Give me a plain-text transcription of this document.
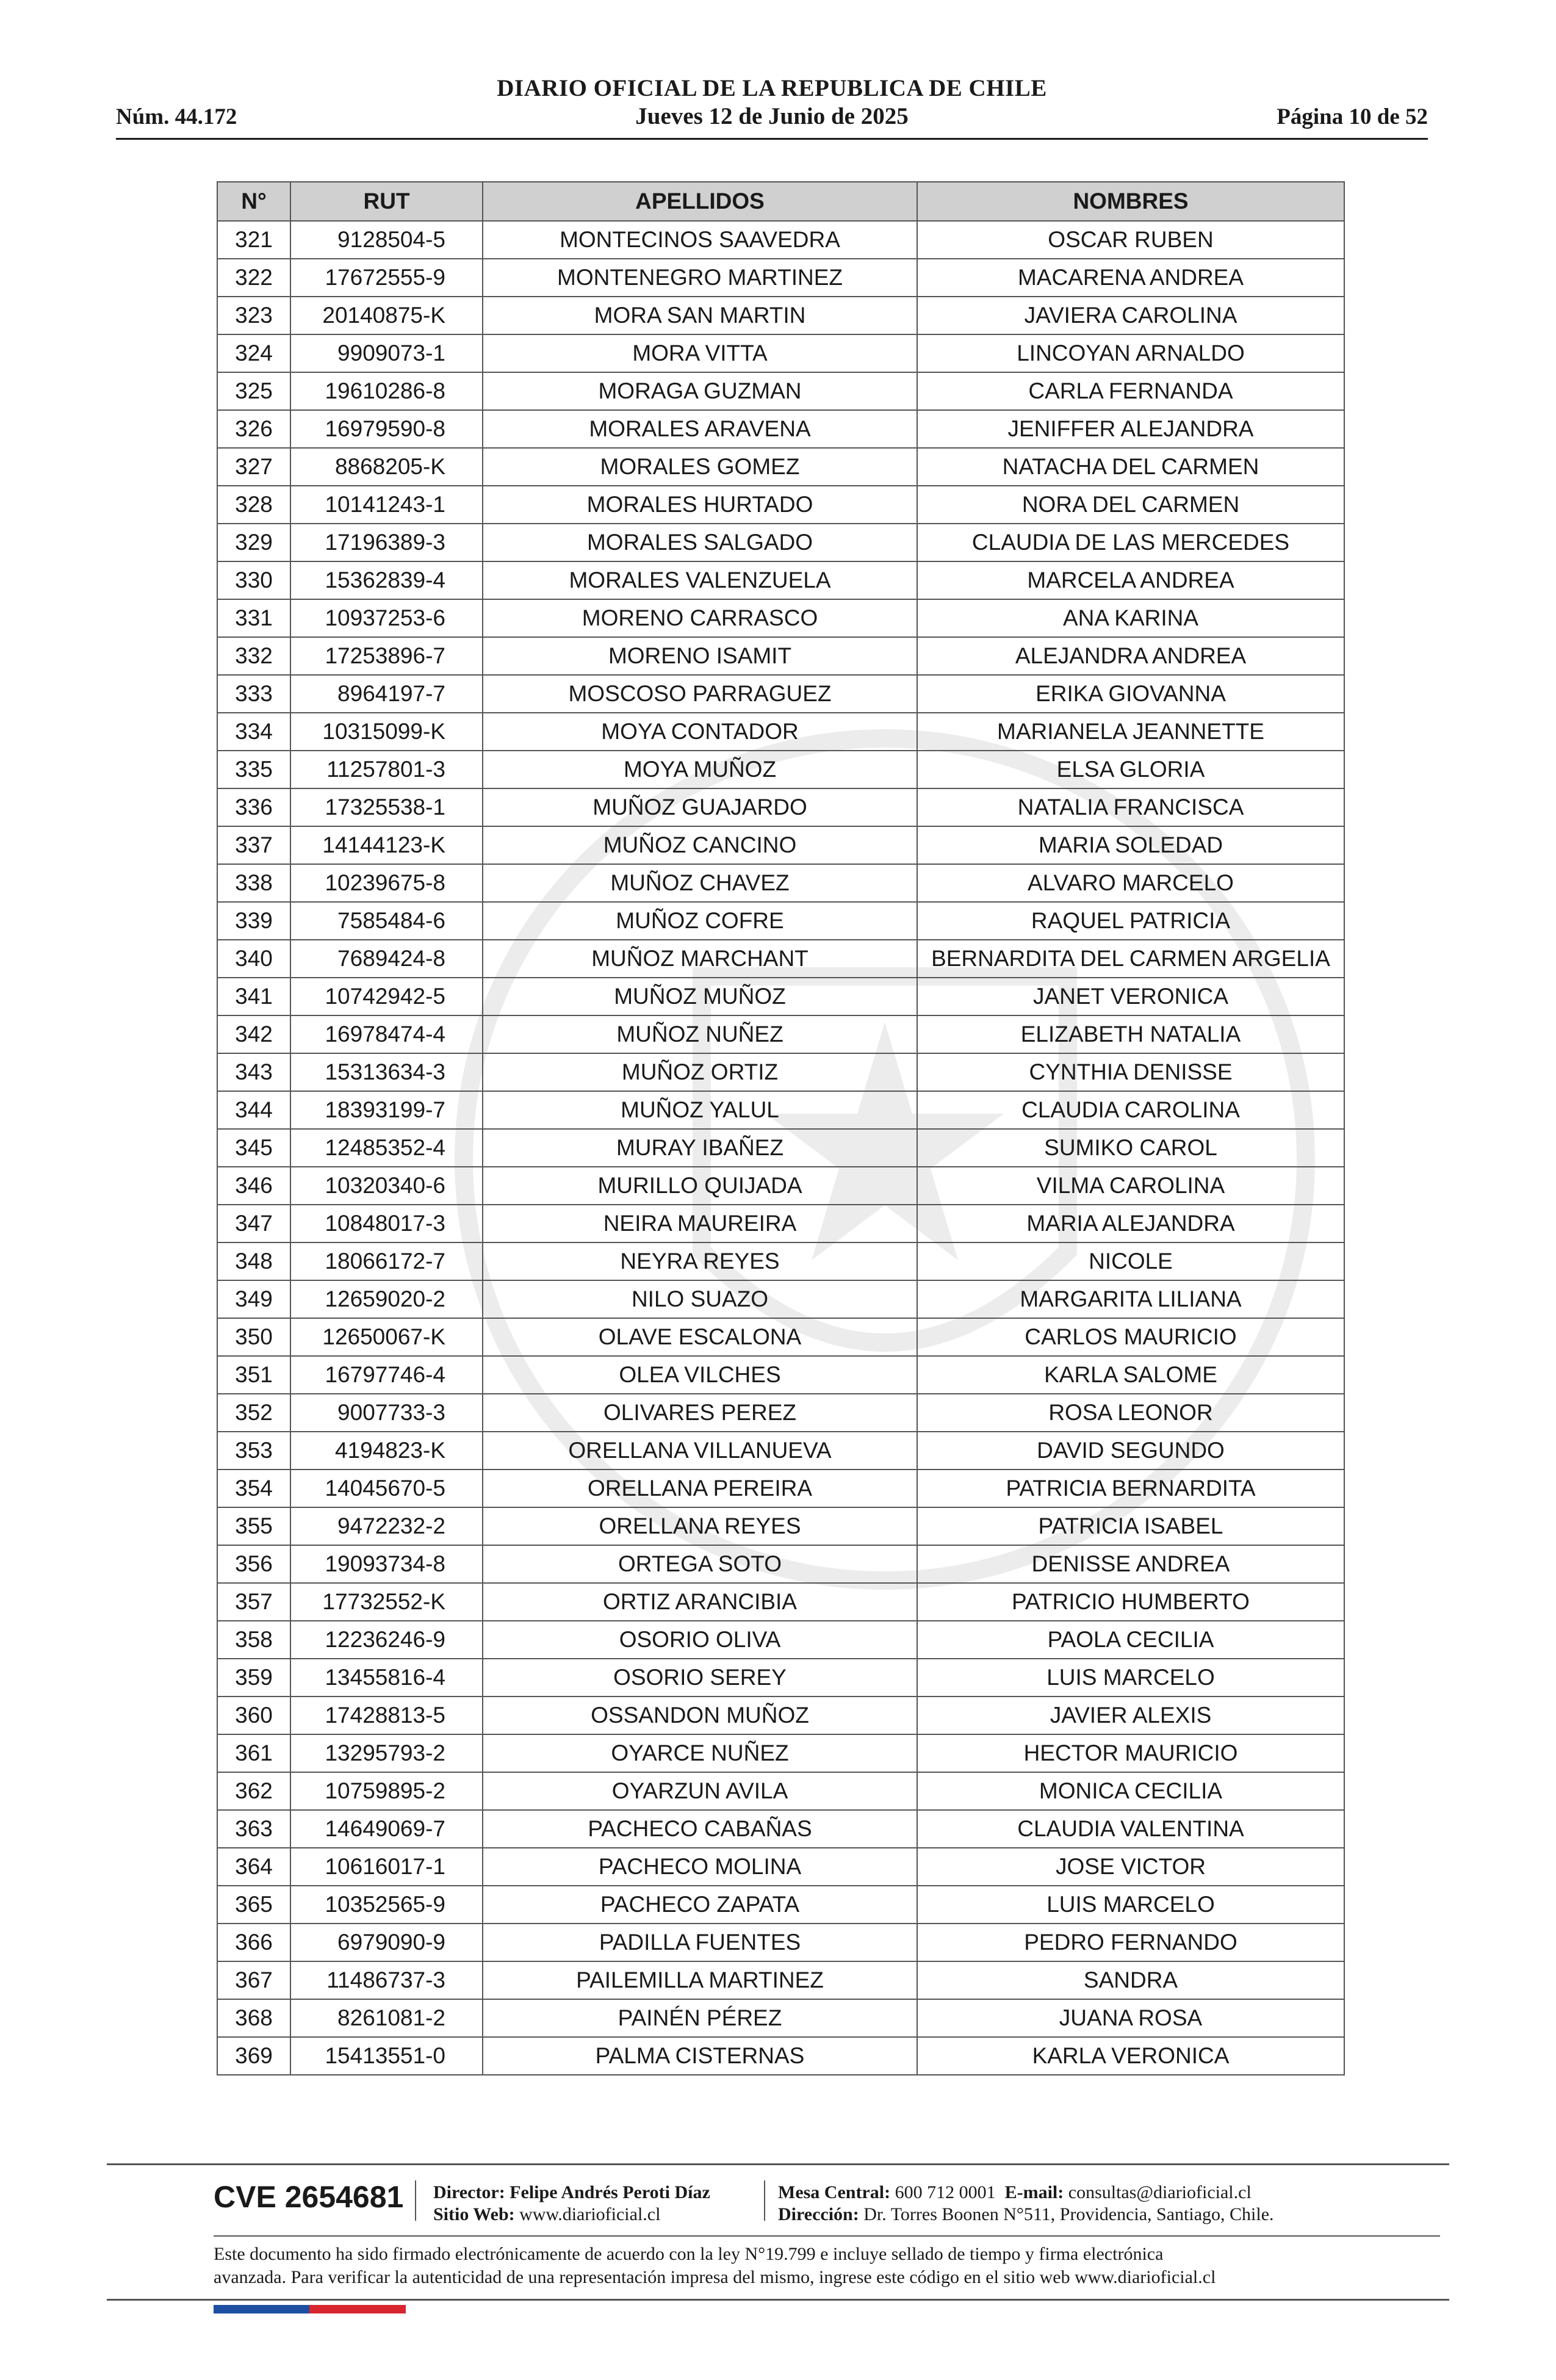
DIARIO OFICIAL DE LA REPUBLICA DE CHILE
Jueves 12 de Junio de 2025
Núm. 44.172	Página 10 de 52
N°	RUT	APELLIDOS	NOMBRES
321	9128504-5	MONTECINOS SAAVEDRA	OSCAR RUBEN
322	17672555-9	MONTENEGRO MARTINEZ	MACARENA ANDREA
323	20140875-K	MORA SAN MARTIN	JAVIERA CAROLINA
324	9909073-1	MORA VITTA	LINCOYAN ARNALDO
325	19610286-8	MORAGA GUZMAN	CARLA FERNANDA
326	16979590-8	MORALES ARAVENA	JENIFFER ALEJANDRA
327	8868205-K	MORALES GOMEZ	NATACHA DEL CARMEN
328	10141243-1	MORALES HURTADO	NORA DEL CARMEN
329	17196389-3	MORALES SALGADO	CLAUDIA DE LAS MERCEDES
330	15362839-4	MORALES VALENZUELA	MARCELA ANDREA
331	10937253-6	MORENO CARRASCO	ANA KARINA
332	17253896-7	MORENO ISAMIT	ALEJANDRA ANDREA
333	8964197-7	MOSCOSO PARRAGUEZ	ERIKA GIOVANNA
334	10315099-K	MOYA CONTADOR	MARIANELA JEANNETTE
335	11257801-3	MOYA MUÑOZ	ELSA GLORIA
336	17325538-1	MUÑOZ GUAJARDO	NATALIA FRANCISCA
337	14144123-K	MUÑOZ CANCINO	MARIA SOLEDAD
338	10239675-8	MUÑOZ CHAVEZ	ALVARO MARCELO
339	7585484-6	MUÑOZ COFRE	RAQUEL PATRICIA
340	7689424-8	MUÑOZ MARCHANT	BERNARDITA DEL CARMEN ARGELIA
341	10742942-5	MUÑOZ MUÑOZ	JANET VERONICA
342	16978474-4	MUÑOZ NUÑEZ	ELIZABETH NATALIA
343	15313634-3	MUÑOZ ORTIZ	CYNTHIA DENISSE
344	18393199-7	MUÑOZ YALUL	CLAUDIA CAROLINA
345	12485352-4	MURAY IBAÑEZ	SUMIKO CAROL
346	10320340-6	MURILLO QUIJADA	VILMA CAROLINA
347	10848017-3	NEIRA MAUREIRA	MARIA ALEJANDRA
348	18066172-7	NEYRA REYES	NICOLE
349	12659020-2	NILO SUAZO	MARGARITA LILIANA
350	12650067-K	OLAVE ESCALONA	CARLOS MAURICIO
351	16797746-4	OLEA VILCHES	KARLA SALOME
352	9007733-3	OLIVARES PEREZ	ROSA LEONOR
353	4194823-K	ORELLANA VILLANUEVA	DAVID SEGUNDO
354	14045670-5	ORELLANA PEREIRA	PATRICIA BERNARDITA
355	9472232-2	ORELLANA REYES	PATRICIA ISABEL
356	19093734-8	ORTEGA SOTO	DENISSE ANDREA
357	17732552-K	ORTIZ ARANCIBIA	PATRICIO HUMBERTO
358	12236246-9	OSORIO OLIVA	PAOLA CECILIA
359	13455816-4	OSORIO SEREY	LUIS MARCELO
360	17428813-5	OSSANDON MUÑOZ	JAVIER ALEXIS
361	13295793-2	OYARCE NUÑEZ	HECTOR MAURICIO
362	10759895-2	OYARZUN AVILA	MONICA CECILIA
363	14649069-7	PACHECO CABAÑAS	CLAUDIA VALENTINA
364	10616017-1	PACHECO MOLINA	JOSE VICTOR
365	10352565-9	PACHECO ZAPATA	LUIS MARCELO
366	6979090-9	PADILLA FUENTES	PEDRO FERNANDO
367	11486737-3	PAILEMILLA MARTINEZ	SANDRA
368	8261081-2	PAINÉN PÉREZ	JUANA ROSA
369	15413551-0	PALMA CISTERNAS	KARLA VERONICA
CVE 2654681 Director: Felipe Andrés Peroti Díaz
Sitio Web: www.diarioficial.cl
Mesa Central: 600 712 0001 E-mail: consultas@diarioficial.cl
Dirección: Dr. Torres Boonen N°511, Providencia, Santiago, Chile.
Este documento ha sido firmado electrónicamente de acuerdo con la ley N°19.799 e incluye sellado de tiempo y firma electrónica
avanzada. Para verificar la autenticidad de una representación impresa del mismo, ingrese este código en el sitio web www.diarioficial.cl
